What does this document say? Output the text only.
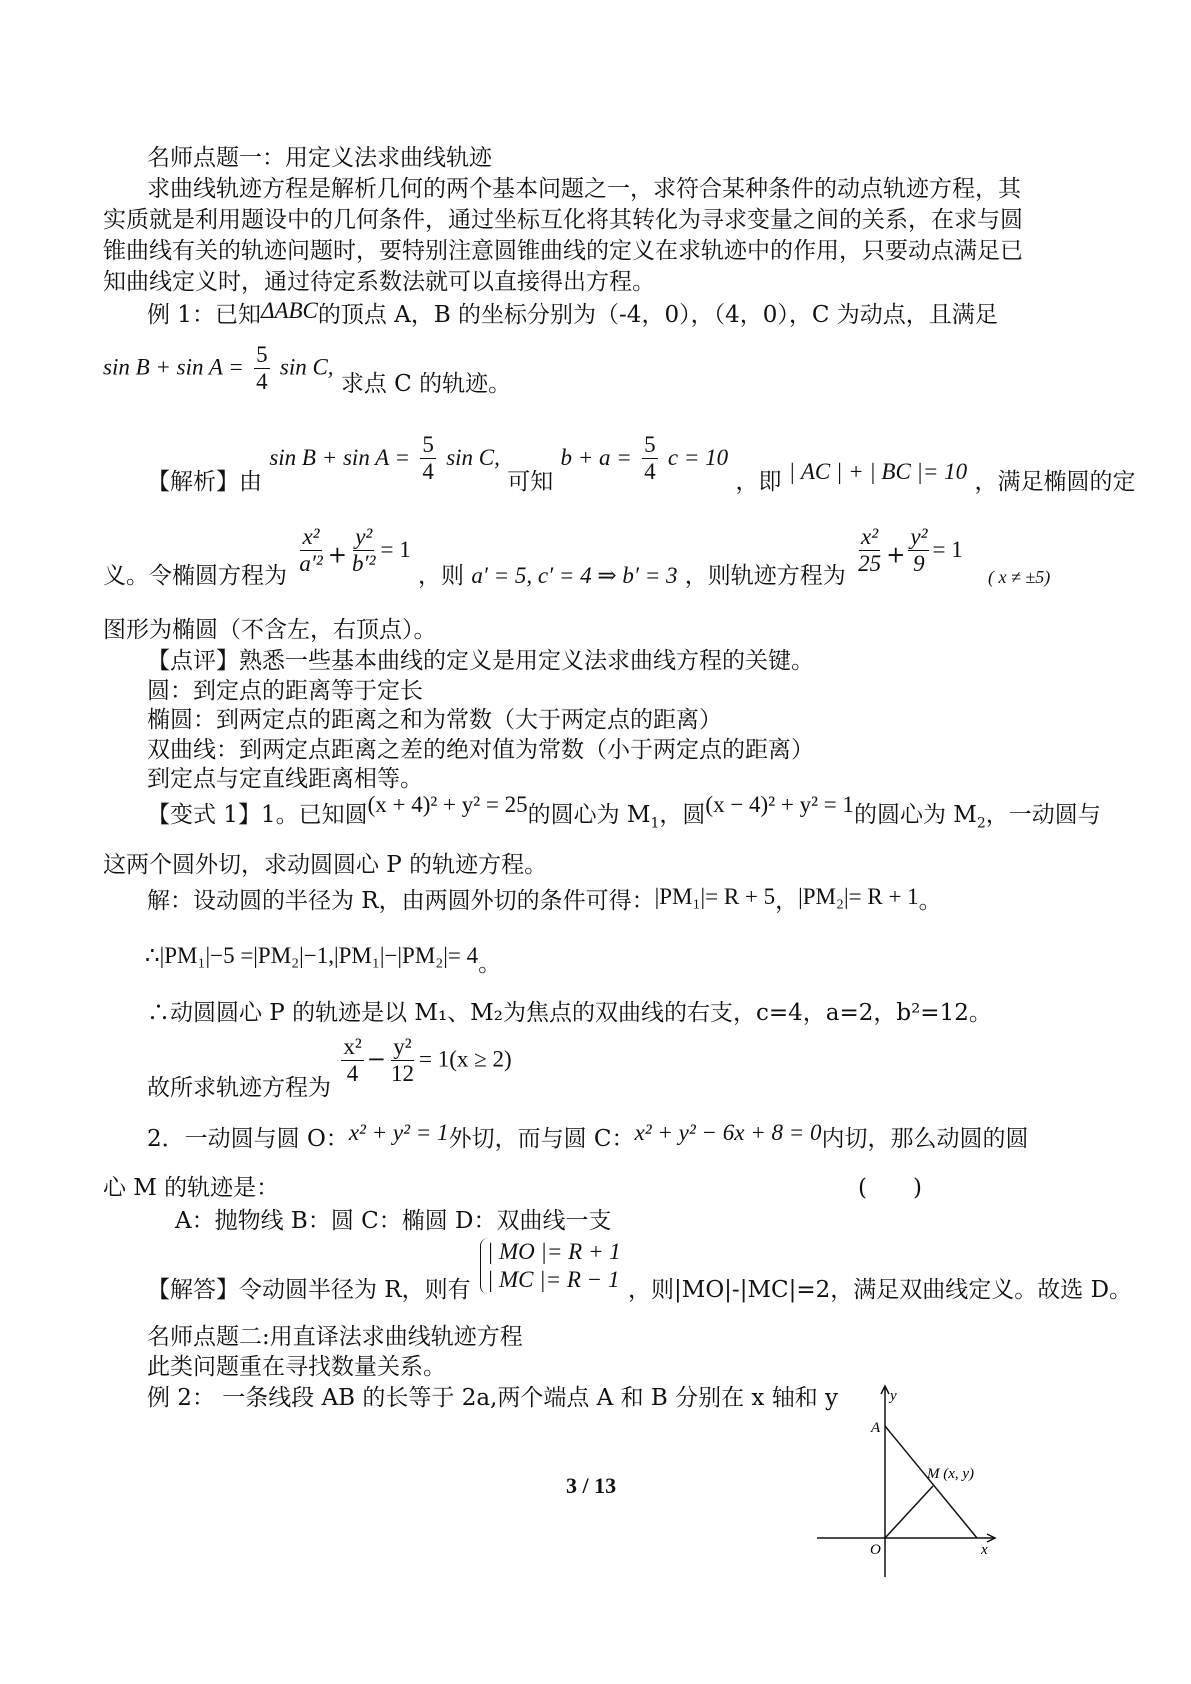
名师点题一：用定义法求曲线轨迹
求曲线轨迹方程是解析几何的两个基本问题之一，求符合某种条件的动点轨迹方程，其
实质就是利用题设中的几何条件，通过坐标互化将其转化为寻求变量之间的关系，在求与圆
锥曲线有关的轨迹问题时，要特别注意圆锥曲线的定义在求轨迹中的作用，只要动点满足已
知曲线定义时，通过待定系数法就可以直接得出方程。
例 1：已知ΔABC的顶点 A，B 的坐标分别为（-4，0），（4，0），C 为动点，且满足
$\sin B + \sin A = \frac{5}{4}$ sin C, 求点 C 的轨迹。
【解析】由 $\sin B + \sin A = \frac{5}{4}$ sin C, 可知 $b + a = \frac{5}{4}$ c = 10 ，即 | AC | + | BC |= 10 ，满足椭圆的定
义。令椭圆方程为 $\frac{\text{x²}}{\text{a′²}} + \frac{\text{y²}}{\text{b′²}} = 1$ ，则 a′ = 5, c′ = 4 ⇒ b′ = 3 ，则轨迹方程为 $\frac{\text{x²}}{25} + \frac{\text{y²}}{9} = 1$ $_{( x \ne \pm 5)}$
图形为椭圆（不含左，右顶点）。
【点评】熟悉一些基本曲线的定义是用定义法求曲线方程的关键。
圆：到定点的距离等于定长
椭圆：到两定点的距离之和为常数（大于两定点的距离）
双曲线：到两定点距离之差的绝对值为常数（小于两定点的距离）
到定点与定直线距离相等。
【变式 1】1。已知圆(x + 4)² + y² = 25的圆心为 $M_1$，圆(x − 4)² + y² = 1的圆心为 $M_2$，一动圆与
这两个圆外切，求动圆圆心 P 的轨迹方程。
解：设动圆的半径为 R，由两圆外切的条件可得：|PM₁|= R + 5，|PM₂|= R + 1。
∴|PM₁|−5 =|PM₂|−1,|PM₁|−|PM₂|= 4。
∴动圆圆心 P 的轨迹是以 M₁、M₂为焦点的双曲线的右支，c=4，a=2，b²=12。
故所求轨迹方程为
$\frac{\text{x²}}{4} - \frac{\text{y²}}{12} = 1(x \ge 2)$
2．一动圆与圆 O：x² + y² = 1外切，而与圆 C：x² + y² − 6x + 8 = 0内切，那么动圆的圆
心 M 的轨迹是：	(　　)
A：抛物线 B：圆 C：椭圆 D：双曲线一支
【解答】令动圆半径为 R，则有
| MO |= R + 1
| MC |= R − 1 ，则|MO|-|MC|=2，满足双曲线定义。故选 D。
名师点题二:用直译法求曲线轨迹方程
此类问题重在寻找数量关系。
例 2： 一条线段 AB 的长等于 2a,两个端点 A 和 B 分别在 x 轴和 y
3 / 13
y
x
O
A
M (x, y)
